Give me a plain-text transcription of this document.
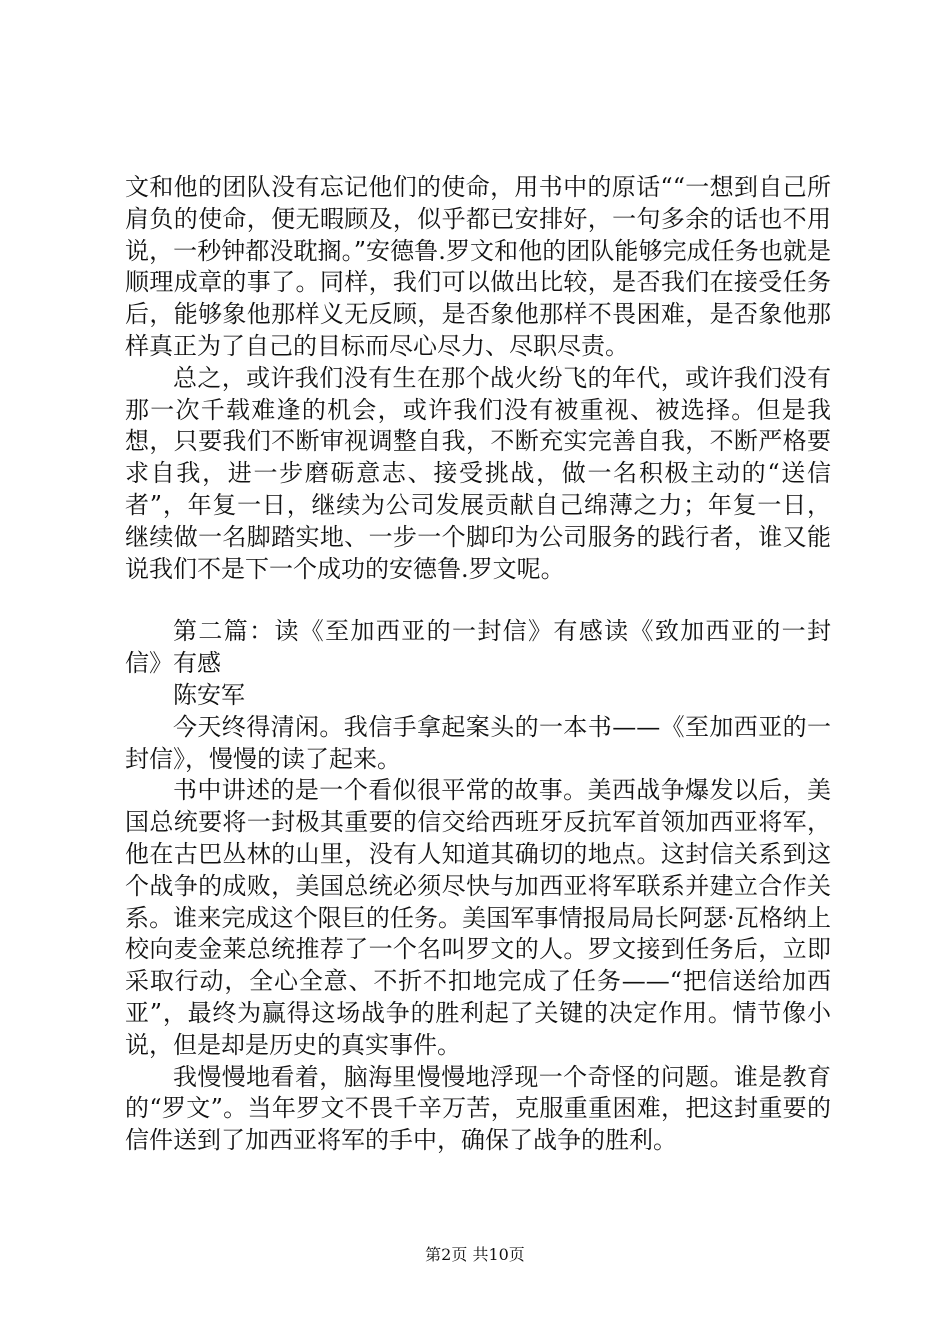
文和他的团队没有忘记他们的使命，用书中的原话““一想到自己所肩负的使命，便无暇顾及，似乎都已安排好，一句多余的话也不用说，一秒钟都没耽搁。”安德鲁.罗文和他的团队能够完成任务也就是顺理成章的事了。同样，我们可以做出比较，是否我们在接受任务后，能够象他那样义无反顾，是否象他那样不畏困难，是否象他那样真正为了自己的目标而尽心尽力、尽职尽责。

总之，或许我们没有生在那个战火纷飞的年代，或许我们没有那一次千载难逢的机会，或许我们没有被重视、被选择。但是我想，只要我们不断审视调整自我，不断充实完善自我，不断严格要求自我，进一步磨砺意志、接受挑战，做一名积极主动的“送信者”，年复一日，继续为公司发展贡献自己绵薄之力；年复一日，继续做一名脚踏实地、一步一个脚印为公司服务的践行者，谁又能说我们不是下一个成功的安德鲁.罗文呢。

第二篇：读《至加西亚的一封信》有感读《致加西亚的一封信》有感

陈安军

今天终得清闲。我信手拿起案头的一本书——《至加西亚的一封信》，慢慢的读了起来。

书中讲述的是一个看似很平常的故事。美西战争爆发以后，美国总统要将一封极其重要的信交给西班牙反抗军首领加西亚将军，他在古巴丛林的山里，没有人知道其确切的地点。这封信关系到这个战争的成败，美国总统必须尽快与加西亚将军联系并建立合作关系。谁来完成这个限巨的任务。美国军事情报局局长阿瑟·瓦格纳上校向麦金莱总统推荐了一个名叫罗文的人。罗文接到任务后，立即采取行动，全心全意、不折不扣地完成了任务——“把信送给加西亚”，最终为赢得这场战争的胜利起了关键的决定作用。情节像小说，但是却是历史的真实事件。

我慢慢地看着，脑海里慢慢地浮现一个奇怪的问题。谁是教育的“罗文”。当年罗文不畏千辛万苦，克服重重困难，把这封重要的信件送到了加西亚将军的手中，确保了战争的胜利。

第2页 共10页
